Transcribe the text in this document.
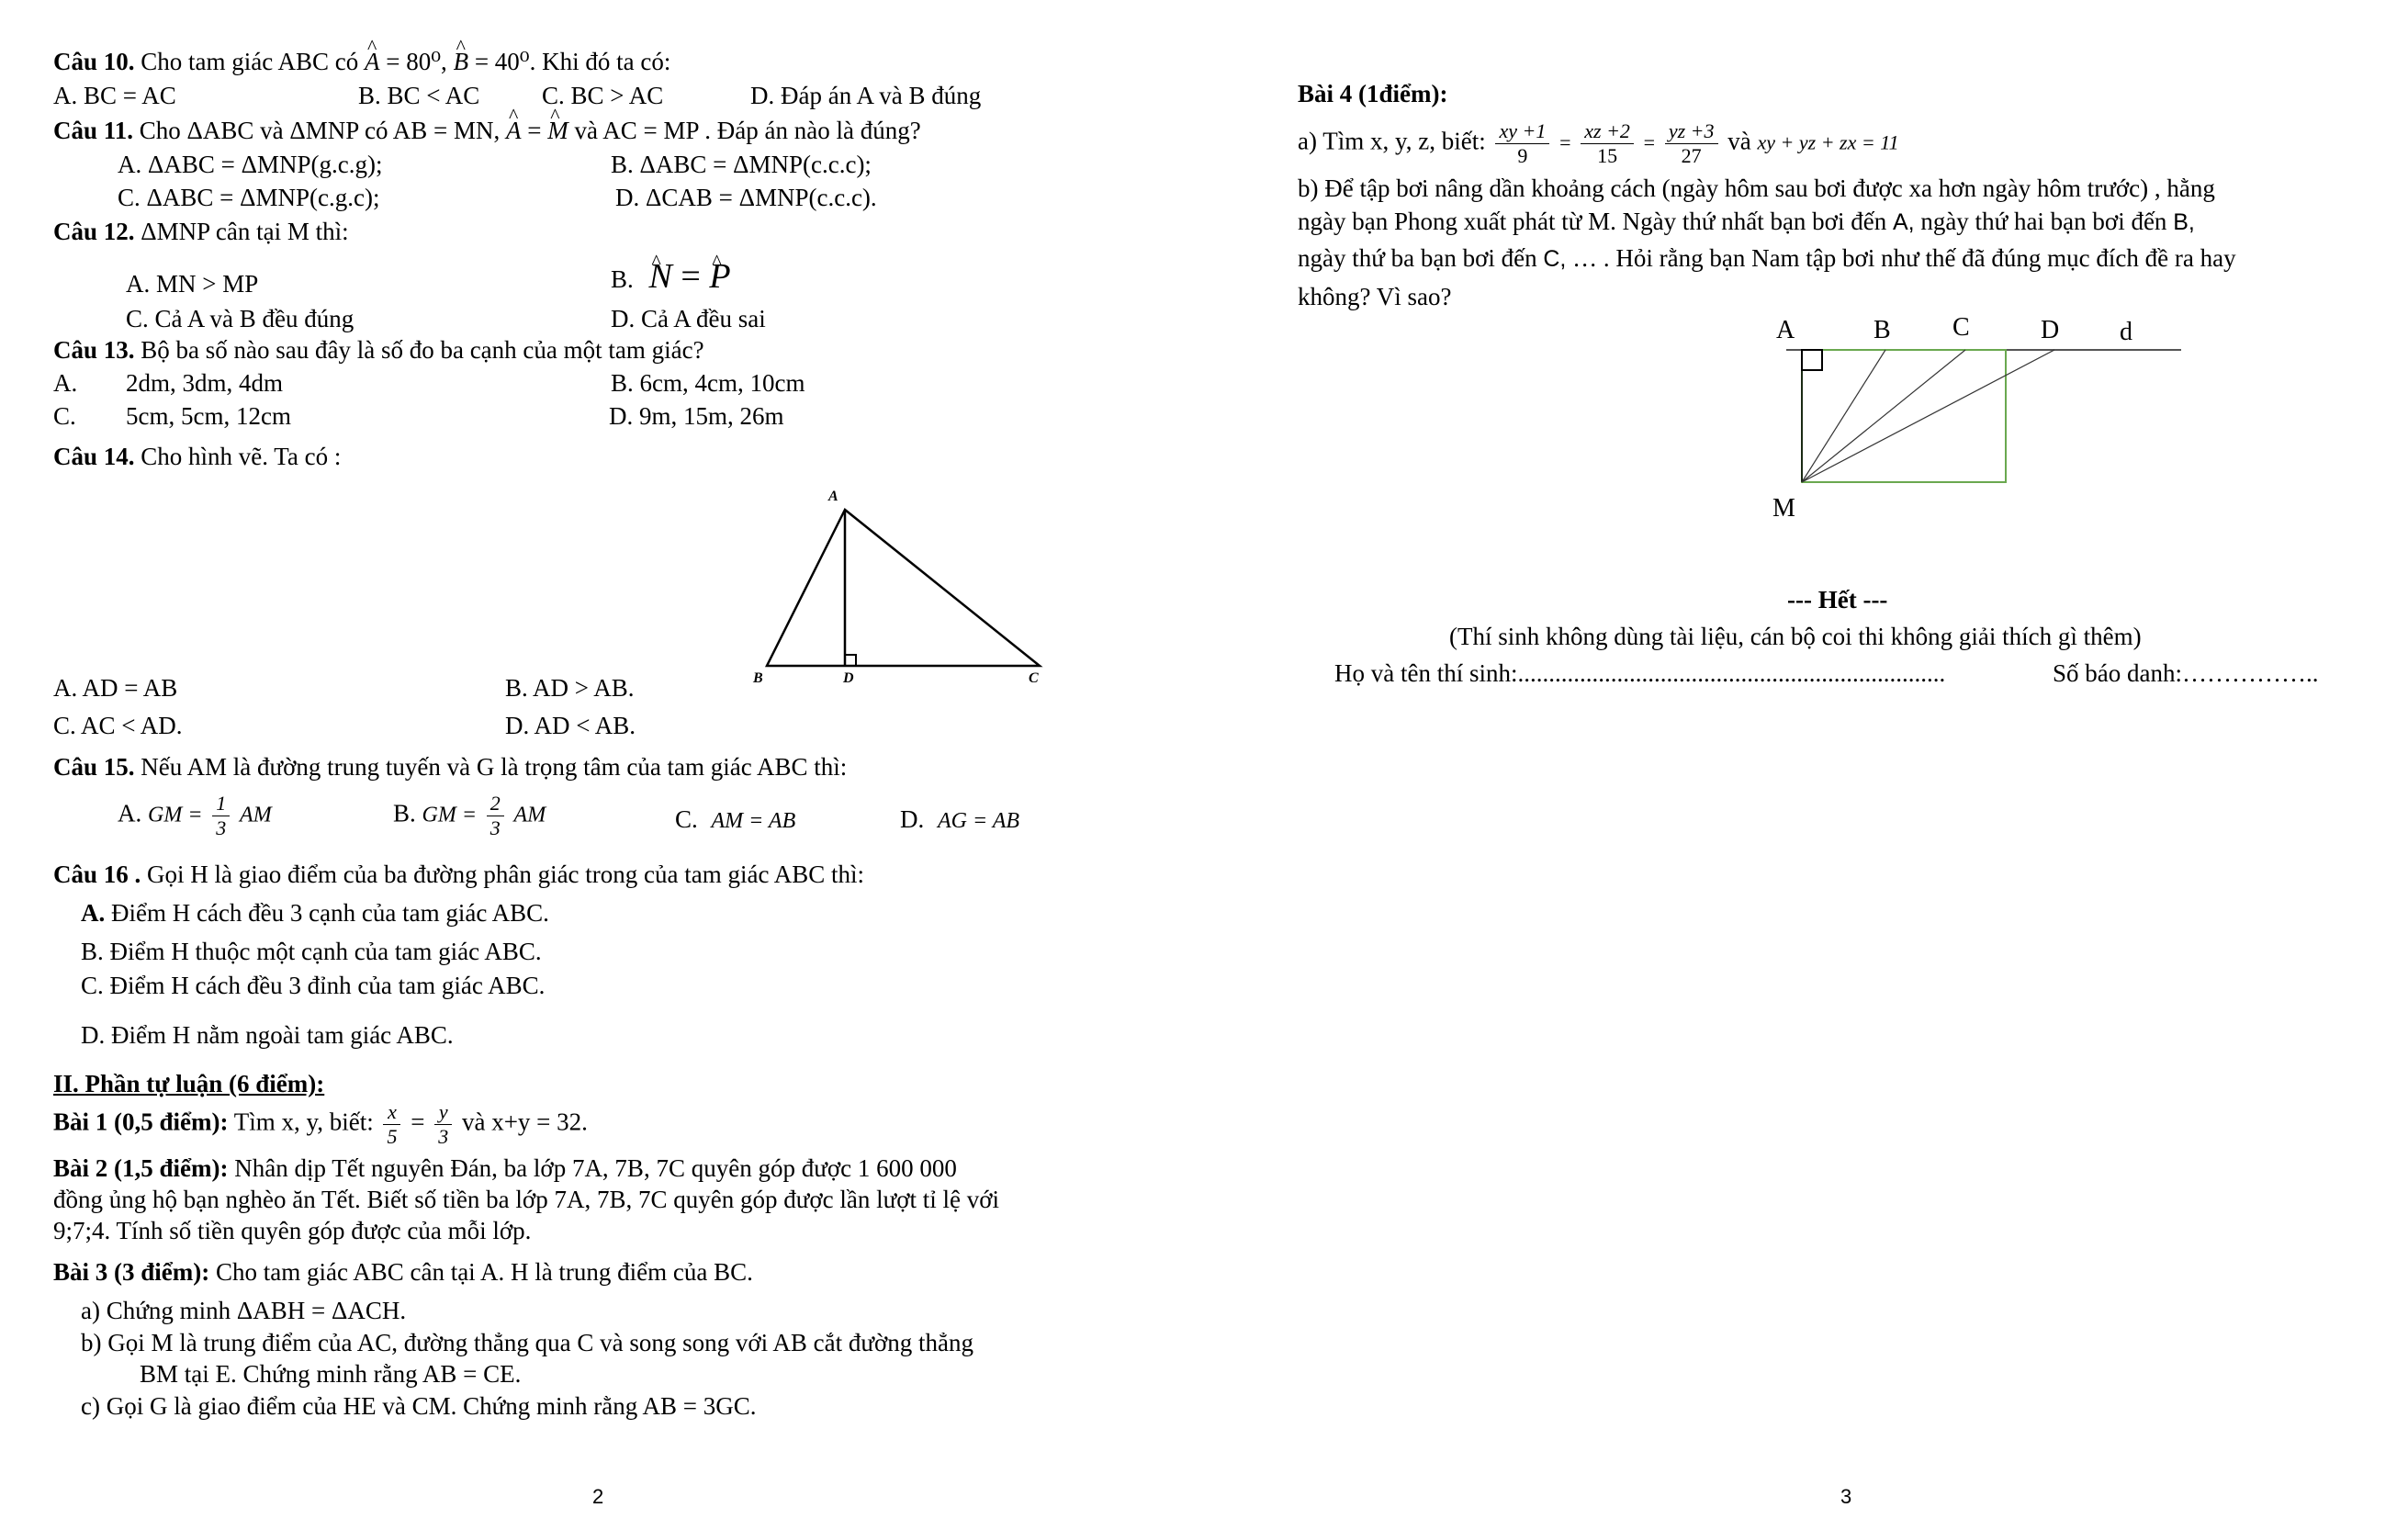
Câu 10. Cho tam giác ABC có ^ A = 80⁰, ^ B = 40⁰. Khi đó ta có:
A. BC = AC	B. BC < AC	C. BC > AC	D. Đáp án A và B đúng
Câu 11. Cho ΔABC và ΔMNP có AB = MN, ^ A = ^ M và AC = MP . Đáp án nào là đúng?
A. ΔABC = ΔMNP(g.c.g);	B. ΔABC = ΔMNP(c.c.c);
C. ΔABC = ΔMNP(c.g.c);	D. ΔCAB = ΔMNP(c.c.c).
Câu 12. ΔMNP cân tại M thì:
A. MN > MP	B. ^ N = ^ P
C. Cả A và B đều đúng	D. Cả A đều sai
Câu 13. Bộ ba số nào sau đây là số đo ba cạnh của một tam giác?
A. 2dm, 3dm, 4dm	B. 6cm, 4cm, 10cm
C. 5cm, 5cm, 12cm	D. 9m, 15m, 26m
Câu 14. Cho hình vẽ. Ta có :
A
B	D	C
A. AD = AB	B. AD > AB.
C. AC < AD.	D. AD < AB.
Câu 15. Nếu AM là đường trung tuyến và G là trọng tâm của tam giác ABC thì:
A. GM = $\frac{1}{3}$ AM	B. GM = $\frac{2}{3}$ AM	C. AM = AB	D. AG = AB
Câu 16 . Gọi H là giao điểm của ba đường phân giác trong của tam giác ABC thì:
A. Điểm H cách đều 3 cạnh của tam giác ABC.
B. Điểm H thuộc một cạnh của tam giác ABC.
C. Điểm H cách đều 3 đỉnh của tam giác ABC.
D. Điểm H nằm ngoài tam giác ABC.
II. Phần tự luận (6 điểm):
Bài 1 (0,5 điểm): Tìm x, y, biết: $\frac{x}{5} = \frac{y}{3}$ và x+y = 32.
Bài 2 (1,5 điểm): Nhân dịp Tết nguyên Đán, ba lớp 7A, 7B, 7C quyên góp được 1 600 000
đồng ủng hộ bạn nghèo ăn Tết. Biết số tiền ba lớp 7A, 7B, 7C quyên góp được lần lượt tỉ lệ với
9;7;4. Tính số tiền quyên góp được của mỗi lớp.
Bài 3 (3 điểm): Cho tam giác ABC cân tại A. H là trung điểm của BC.
a) Chứng minh ΔABH = ΔACH.
b) Gọi M là trung điểm của AC, đường thẳng qua C và song song với AB cắt đường thẳng
BM tại E. Chứng minh rằng AB = CE.
c) Gọi G là giao điểm của HE và CM. Chứng minh rằng AB = 3GC.
2
Bài 4 (1điểm):
a) Tìm x, y, z, biết: $\frac{xy +1}{9} = \frac{xz +2}{15} = \frac{yz +3}{27}$ và xy + yz + zx = 11
b) Để tập bơi nâng dần khoảng cách (ngày hôm sau bơi được xa hơn ngày hôm trước) , hằng
ngày bạn Phong xuất phát từ M. Ngày thứ nhất bạn bơi đến A, ngày thứ hai bạn bơi đến B,
ngày thứ ba bạn bơi đến C, … . Hỏi rằng bạn Nam tập bơi như thế đã đúng mục đích đề ra hay
không? Vì sao?
A	B C	D d
M
--- Hết ---
(Thí sinh không dùng tài liệu, cán bộ coi thi không giải thích gì thêm)
Họ và tên thí sinh:.....................................................................	Số báo danh:……………..
3
